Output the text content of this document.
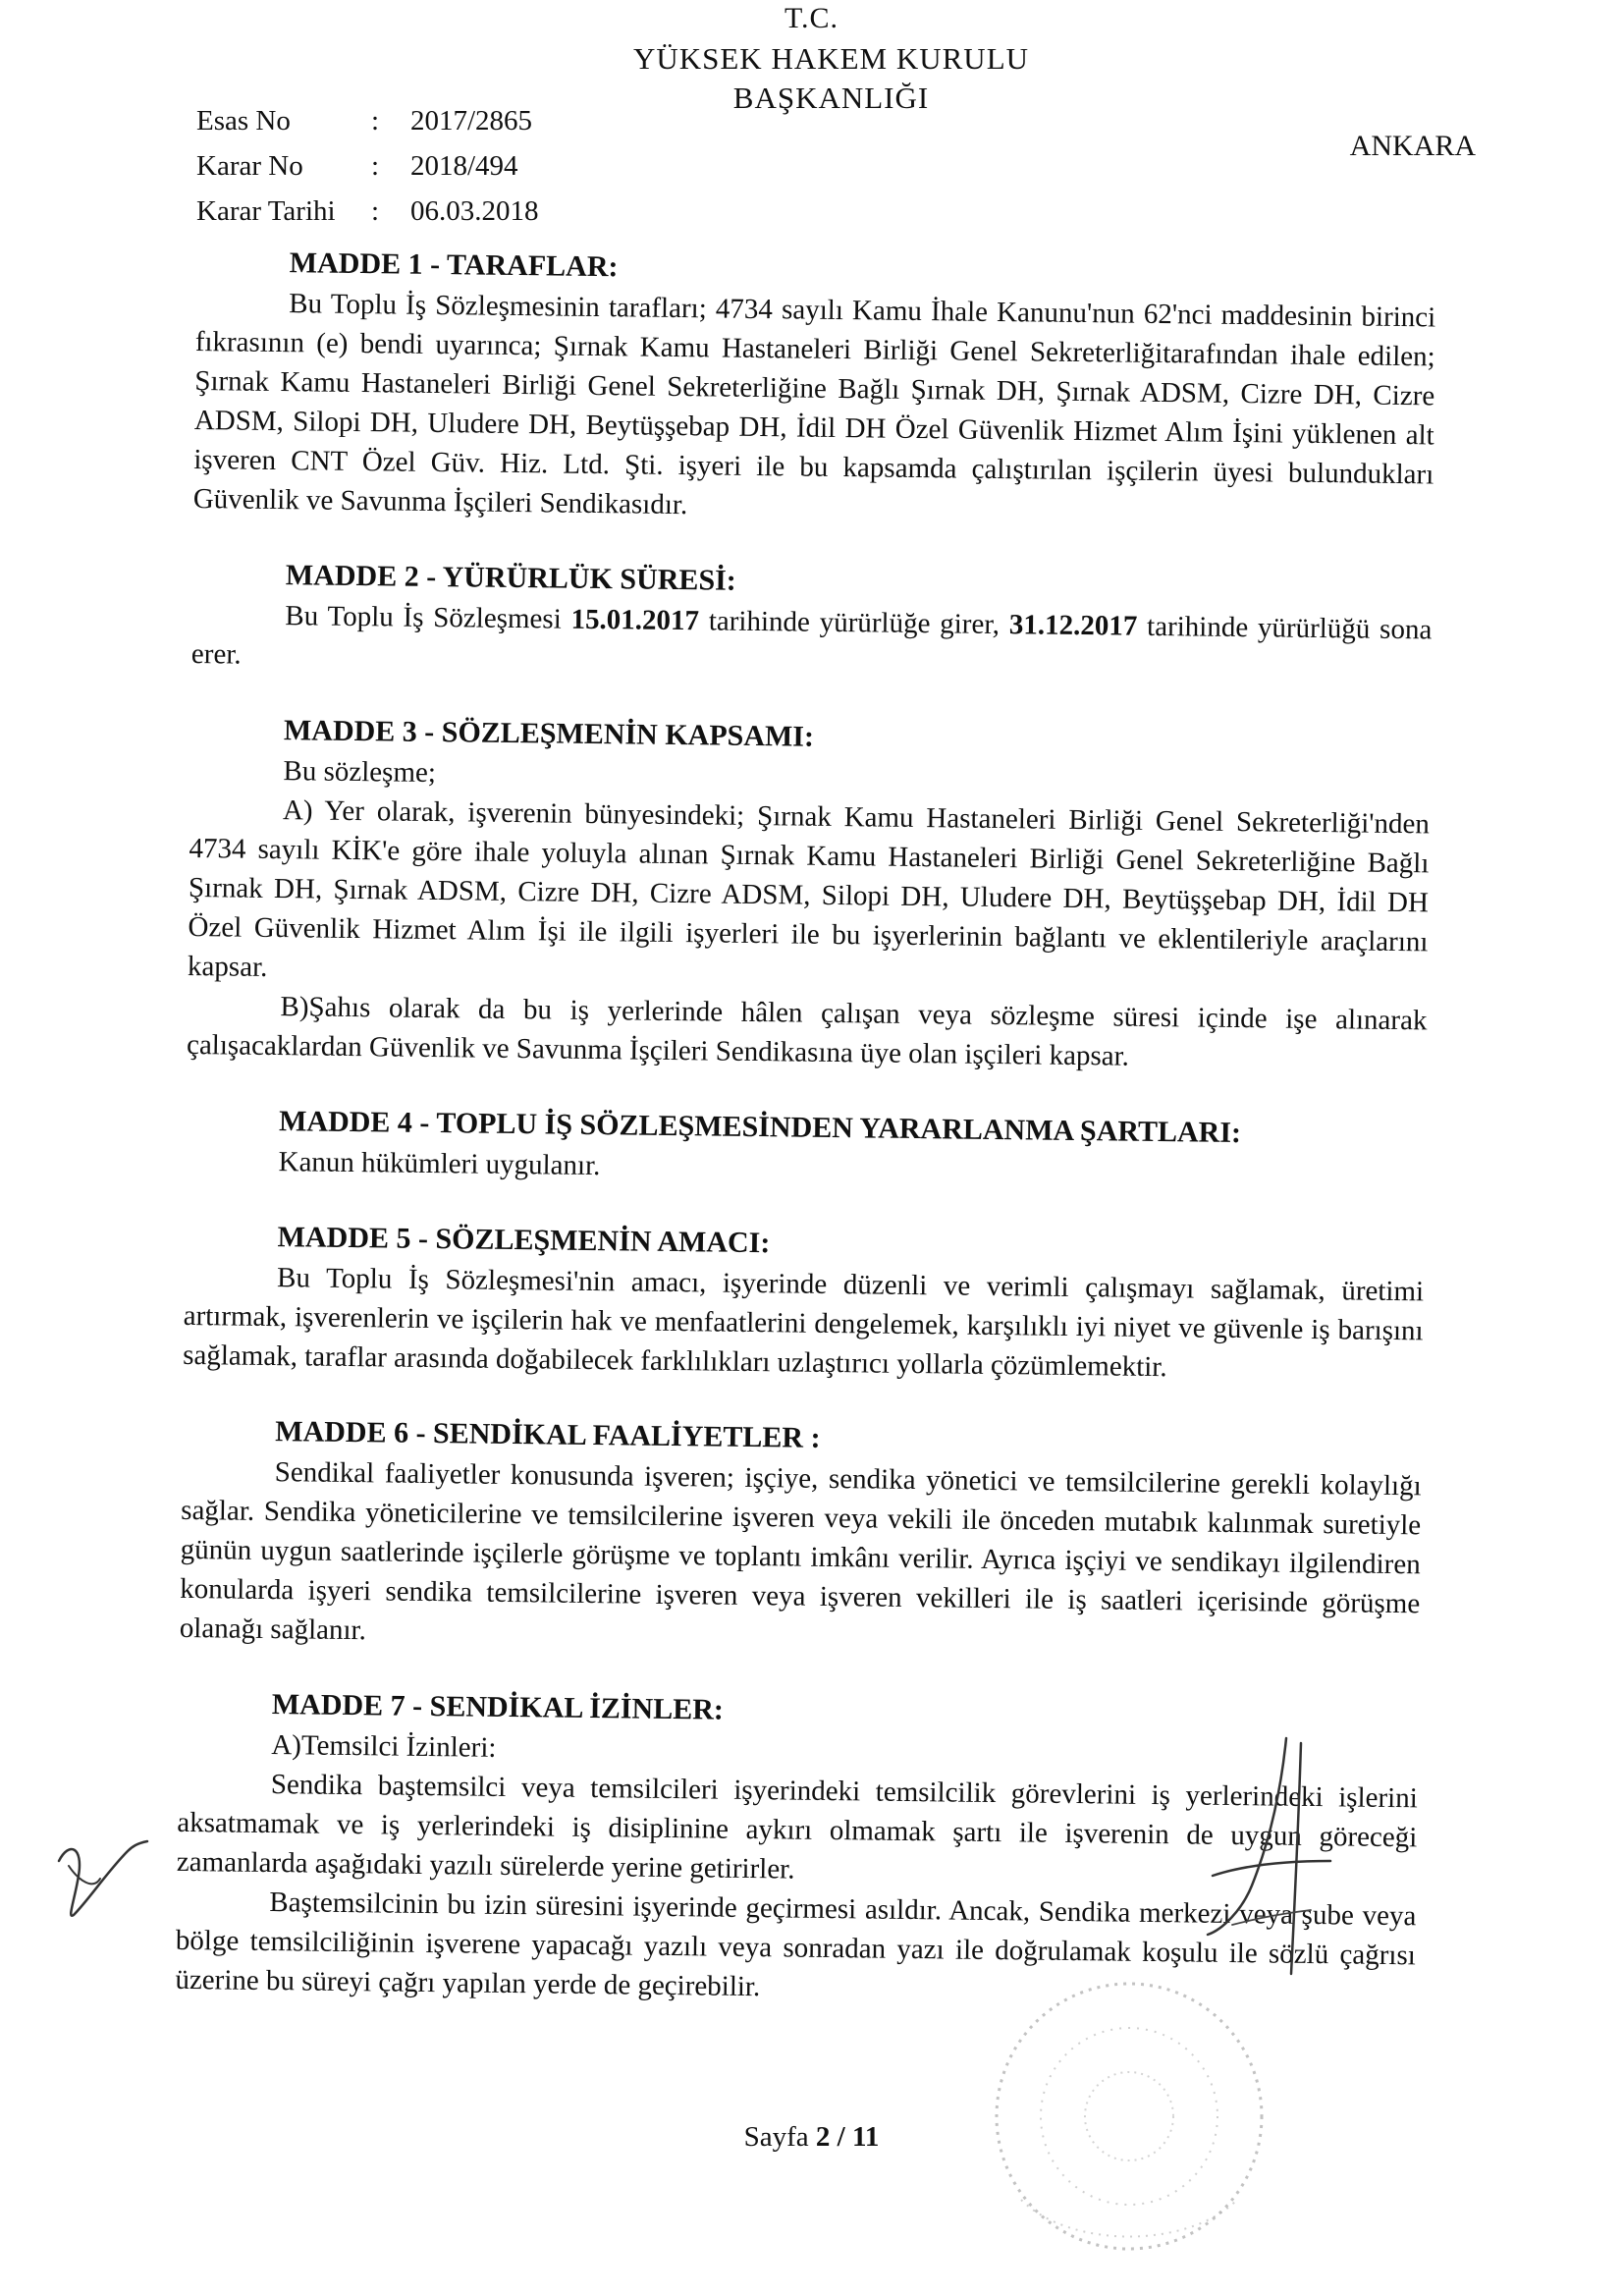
T.C.
YÜKSEK HAKEM KURULU
BAŞKANLIĞI
Esas No	:	2017/2865
Karar No	:	2018/494
Karar Tarihi	:	06.03.2018
ANKARA
MADDE 1 - TARAFLAR:

Bu Toplu İş Sözleşmesinin tarafları; 4734 sayılı Kamu İhale Kanunu'nun 62'nci maddesinin birinci fıkrasının (e) bendi uyarınca; Şırnak Kamu Hastaneleri Birliği Genel Sekreterliğitarafından ihale edilen; Şırnak Kamu Hastaneleri Birliği Genel Sekreterliğine Bağlı Şırnak DH, Şırnak ADSM, Cizre DH, Cizre ADSM, Silopi DH, Uludere DH, Beytüşşebap DH, İdil DH Özel Güvenlik Hizmet Alım İşini yüklenen alt işveren CNT Özel Güv. Hiz. Ltd. Şti. işyeri ile bu kapsamda çalıştırılan işçilerin üyesi bulundukları Güvenlik ve Savunma İşçileri Sendikasıdır.

MADDE 2 - YÜRÜRLÜK SÜRESİ:

Bu Toplu İş Sözleşmesi 15.01.2017 tarihinde yürürlüğe girer, 31.12.2017 tarihinde yürürlüğü sona erer.

MADDE 3 - SÖZLEŞMENİN KAPSAMI:

Bu sözleşme;

A) Yer olarak, işverenin bünyesindeki; Şırnak Kamu Hastaneleri Birliği Genel Sekreterliği'nden 4734 sayılı KİK'e göre ihale yoluyla alınan Şırnak Kamu Hastaneleri Birliği Genel Sekreterliğine Bağlı Şırnak DH, Şırnak ADSM, Cizre DH, Cizre ADSM, Silopi DH, Uludere DH, Beytüşşebap DH, İdil DH Özel Güvenlik Hizmet Alım İşi ile ilgili işyerleri ile bu işyerlerinin bağlantı ve eklentileriyle araçlarını kapsar.

B)Şahıs olarak da bu iş yerlerinde hâlen çalışan veya sözleşme süresi içinde işe alınarak çalışacaklardan Güvenlik ve Savunma İşçileri Sendikasına üye olan işçileri kapsar.

MADDE 4 - TOPLU İŞ SÖZLEŞMESİNDEN YARARLANMA ŞARTLARI:

Kanun hükümleri uygulanır.

MADDE 5 - SÖZLEŞMENİN AMACI:

Bu Toplu İş Sözleşmesi'nin amacı, işyerinde düzenli ve verimli çalışmayı sağlamak, üretimi artırmak, işverenlerin ve işçilerin hak ve menfaatlerini dengelemek, karşılıklı iyi niyet ve güvenle iş barışını sağlamak, taraflar arasında doğabilecek farklılıkları uzlaştırıcı yollarla çözümlemektir.

MADDE 6 - SENDİKAL FAALİYETLER :

Sendikal faaliyetler konusunda işveren; işçiye, sendika yönetici ve temsilcilerine gerekli kolaylığı sağlar. Sendika yöneticilerine ve temsilcilerine işveren veya vekili ile önceden mutabık kalınmak suretiyle günün uygun saatlerinde işçilerle görüşme ve toplantı imkânı verilir. Ayrıca işçiyi ve sendikayı ilgilendiren konularda işyeri sendika temsilcilerine işveren veya işveren vekilleri ile iş saatleri içerisinde görüşme olanağı sağlanır.

MADDE 7 - SENDİKAL İZİNLER:

A)Temsilci İzinleri:

Sendika baştemsilci veya temsilcileri işyerindeki temsilcilik görevlerini iş yerlerindeki işlerini aksatmamak ve iş yerlerindeki iş disiplinine aykırı olmamak şartı ile işverenin de uygun göreceği zamanlarda aşağıdaki yazılı sürelerde yerine getirirler.

Baştemsilcinin bu izin süresini işyerinde geçirmesi asıldır. Ancak, Sendika merkezi veya şube veya bölge temsilciliğinin işverene yapacağı yazılı veya sonradan yazı ile doğrulamak koşulu ile sözlü çağrısı üzerine bu süreyi çağrı yapılan yerde de geçirebilir.

Sayfa 2 / 11
